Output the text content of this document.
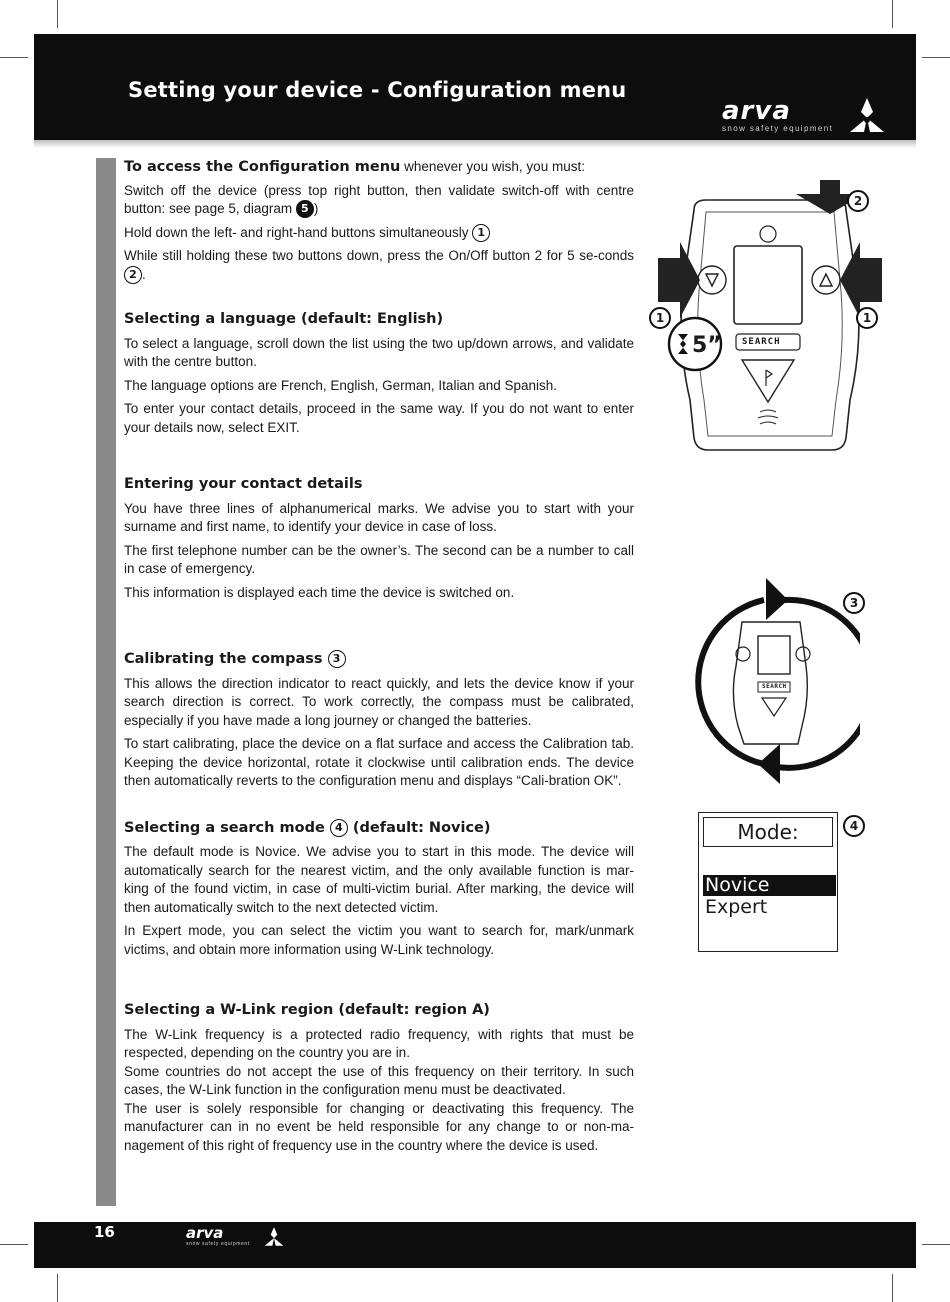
Setting your device - Configuration menu
arva
snow safety equipment

To access the Configuration menu whenever you wish, you must:

Switch off the device (press top right button, then validate switch-off with centre button: see page 5, diagram 5 )

Hold down the left- and right-hand buttons simultaneously 1

While still holding these two buttons down, press the On/Off button 2 for 5 se-conds 2 .

Selecting a language (default: English)

To select a language, scroll down the list using the two up/down arrows, and validate with the centre button.

The language options are French, English, German, Italian and Spanish.

To enter your contact details, proceed in the same way. If you do not want to enter your details now, select EXIT.

Entering your contact details

You have three lines of alphanumerical marks. We advise you to start with your surname and first name, to identify your device in case of loss.

The first telephone number can be the owner’s. The second can be a number to call in case of emergency.

This information is displayed each time the device is switched on.

Calibrating the compass 3

This allows the direction indicator to react quickly, and lets the device know if your search direction is correct. To work correctly, the compass must be calibrated, especially if you have made a long journey or changed the batteries.

To start calibrating, place the device on a flat surface and access the Calibration tab. Keeping the device horizontal, rotate it clockwise until calibration ends. The device then automatically reverts to the configuration menu and displays “Cali-bration OK”.

Selecting a search mode 4 (default: Novice)

The default mode is Novice. We advise you to start in this mode. The device will automatically search for the nearest victim, and the only available function is mar-king of the found victim, in case of multi-victim burial. After marking, the device will then automatically switch to the next detected victim.

In Expert mode, you can select the victim you want to search for, mark/unmark victims, and obtain more information using W-Link technology.

Selecting a W-Link region (default: region A)

The W-Link frequency is a protected radio frequency, with rights that must be respected, depending on the country you are in.

Some countries do not accept the use of this frequency on their territory. In such cases, the W-Link function in the configuration menu must be deactivated.

The user is solely responsible for changing or deactivating this frequency. The manufacturer can in no event be held responsible for any change to or non-ma-nagement of this right of frequency use in the country where the device is used.

SEARCH
5”
2
1	1
SEARCH
3
Mode:
Novice
Expert
4
16	arva
snow safety equipment
